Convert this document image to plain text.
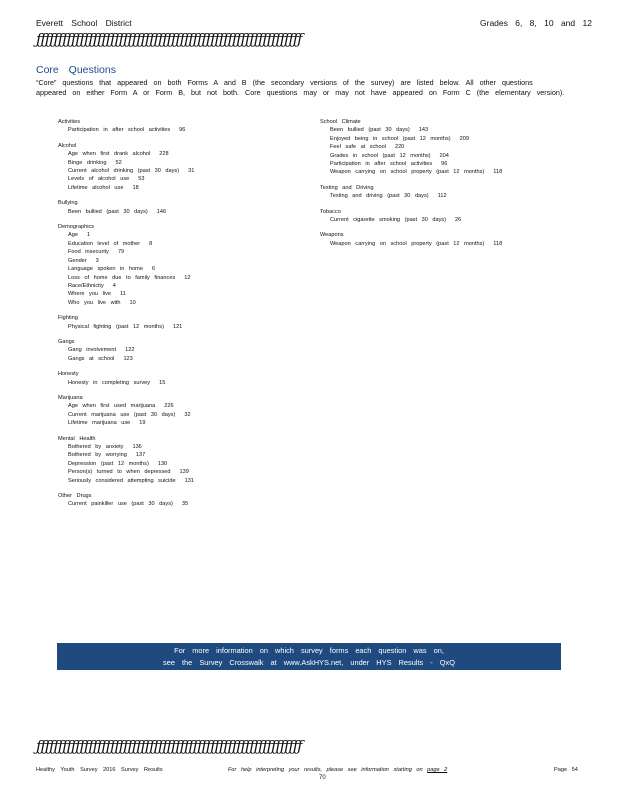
Everett School District	Grades 6, 8, 10 and 12
ƒƒƒƒƒƒƒƒƒƒƒƒƒƒƒƒƒƒƒƒƒƒƒƒƒƒƒƒƒƒƒƒƒƒƒƒƒƒƒƒƒƒƒƒƒƒƒƒƒƒƒƒƒƒƒƒƒƒƒƒƒ
Core Questions
“Core” questions that appeared on both Forms A and B (the secondary versions of the survey) are listed below. All other questions appeared on either Form A or Form B, but not both. Core questions may or may not have appeared on Form C (the elementary version).
Activities
Participation in after school activities 96
Alcohol
Age when first drank alcohol 228
Binge drinking 52
Current alcohol drinking (past 30 days) 31
Levels of alcohol use 53
Lifetime alcohol use 18
Bullying
Been bullied (past 30 days) 146
Demographics
Age 1
Education level of mother 8
Food insecurity 79
Gender 3
Language spoken in home 6
Loss of home due to family finances 12
Race/Ethnicity 4
Where you live 11
Who you live with 10
Fighting
Physical fighting (past 12 months) 121
Gangs
Gang involvement 122
Gangs at school 123
Honesty
Honesty in completing survey 15
Marijuana
Age when first used marijuana 226
Current marijuana use (past 30 days) 32
Lifetime marijuana use 19
Mental Health
Bothered by anxiety 136
Bothered by worrying 137
Depression (past 12 months) 130
Person(s) turned to when depressed 139
Seriously considered attempting suicide 131
Other Drugs
Current painkiller use (past 30 days) 35
School Climate
Been bullied (past 30 days) 143
Enjoyed being in school (past 12 months) 209
Feel safe at school 220
Grades in school (past 12 months) 204
Participation in after school activities 96
Weapon carrying on school property (past 12 months) 118
Texting and Driving
Texting and driving (past 30 days) 112
Tobacco
Current cigarette smoking (past 30 days) 26
Weapons
Weapon carrying on school property (past 12 months) 118
For more information on which survey forms each question was on,
see the Survey Crosswalk at www.AskHYS.net, under HYS Results - QxQ
ƒƒƒƒƒƒƒƒƒƒƒƒƒƒƒƒƒƒƒƒƒƒƒƒƒƒƒƒƒƒƒƒƒƒƒƒƒƒƒƒƒƒƒƒƒƒƒƒƒƒƒƒƒƒƒƒƒƒƒƒƒ
Healthy Youth Survey 2016 Survey Results	For help interpreting your results, please see information starting on page 2	Page 54
70
